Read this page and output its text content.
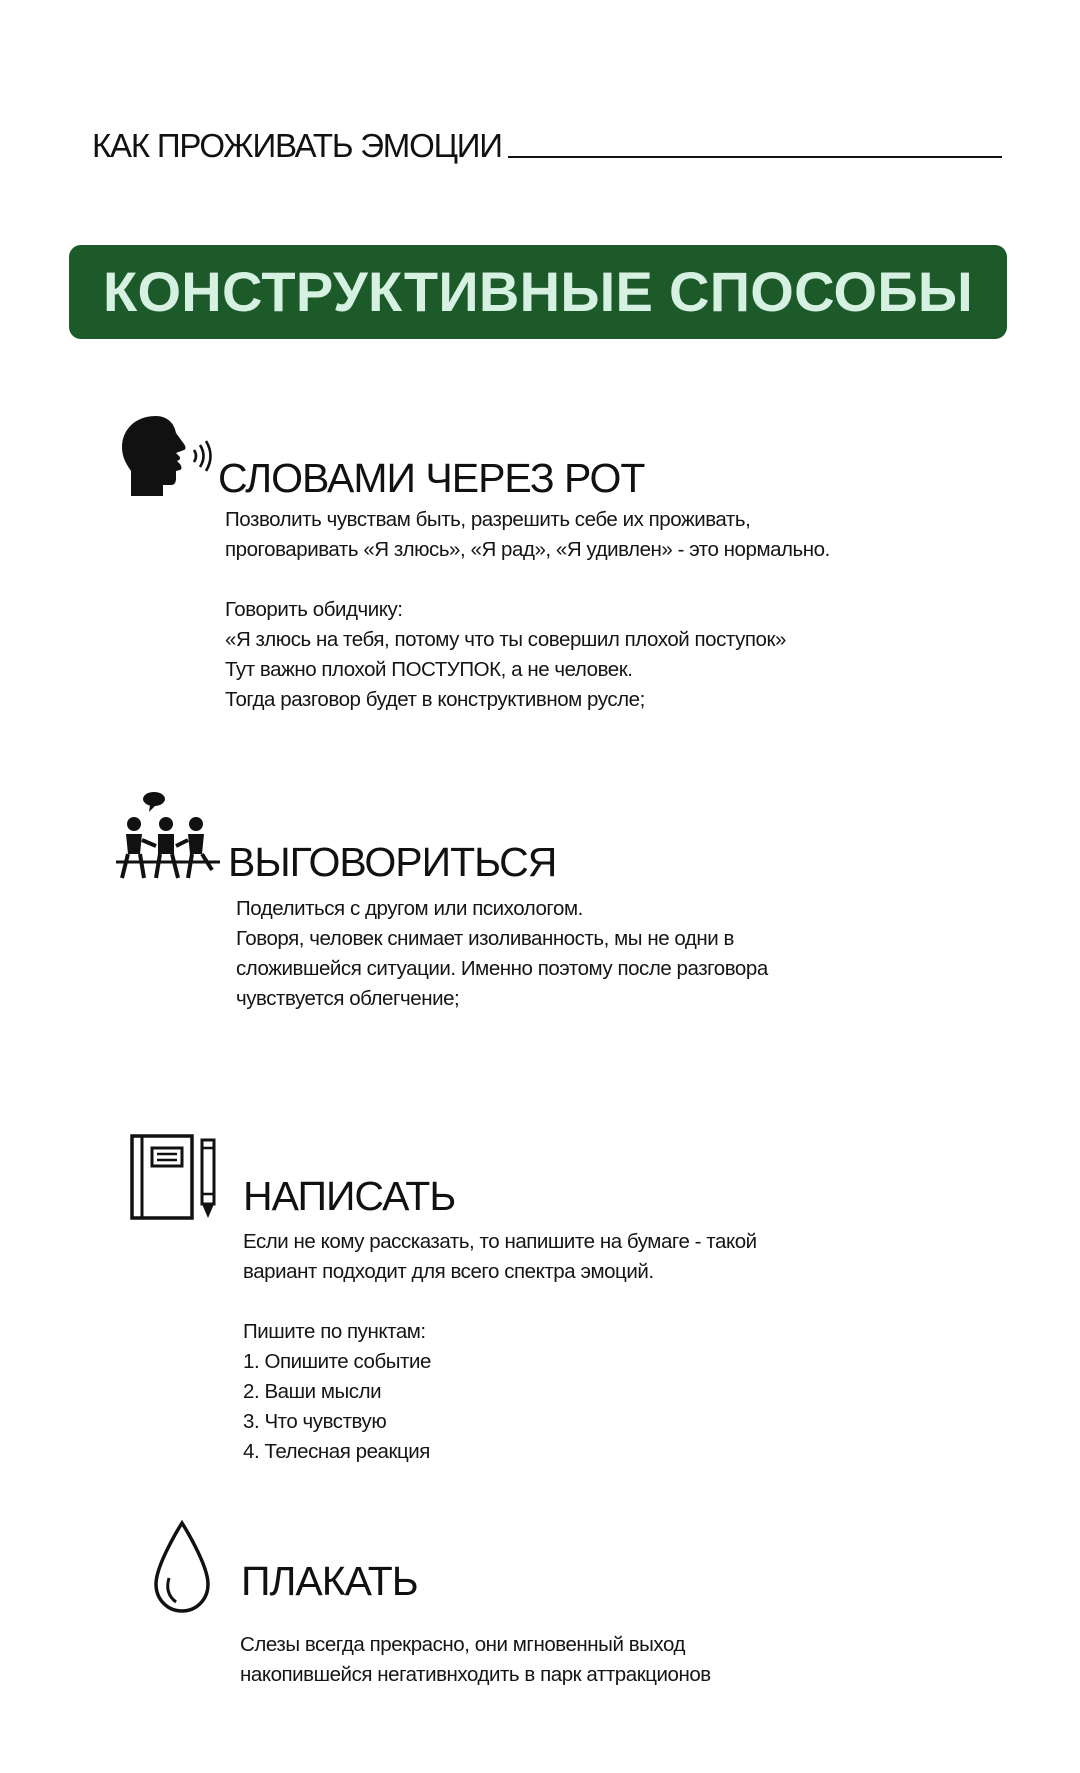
КАК ПРОЖИВАТЬ ЭМОЦИИ
КОНСТРУКТИВНЫЕ СПОСОБЫ
СЛОВАМИ ЧЕРЕЗ РОТ

Позволить чувствам быть, разрешить себе их проживать,

проговаривать «Я злюсь», «Я рад», «Я удивлен» - это нормально.

Говорить обидчику:

«Я злюсь на тебя, потому что ты совершил плохой поступок»

Тут важно плохой ПОСТУПОК, а не человек.

Тогда разговор будет в конструктивном русле;

ВЫГОВОРИТЬСЯ

Поделиться с другом или психологом.

Говоря, человек снимает изоливанность, мы не одни в

сложившейся ситуации. Именно поэтому после разговора

чувствуется облегчение;

НАПИСАТЬ

Если не кому рассказать, то напишите на бумаге - такой

вариант подходит для всего спектра эмоций.

Пишите по пунктам:

1. Опишите событие

2. Ваши мысли

3. Что чувствую

4. Телесная реакция

ПЛАКАТЬ

Слезы всегда прекрасно, они мгновенный выход

накопившейся негативнходить в парк аттракционов
